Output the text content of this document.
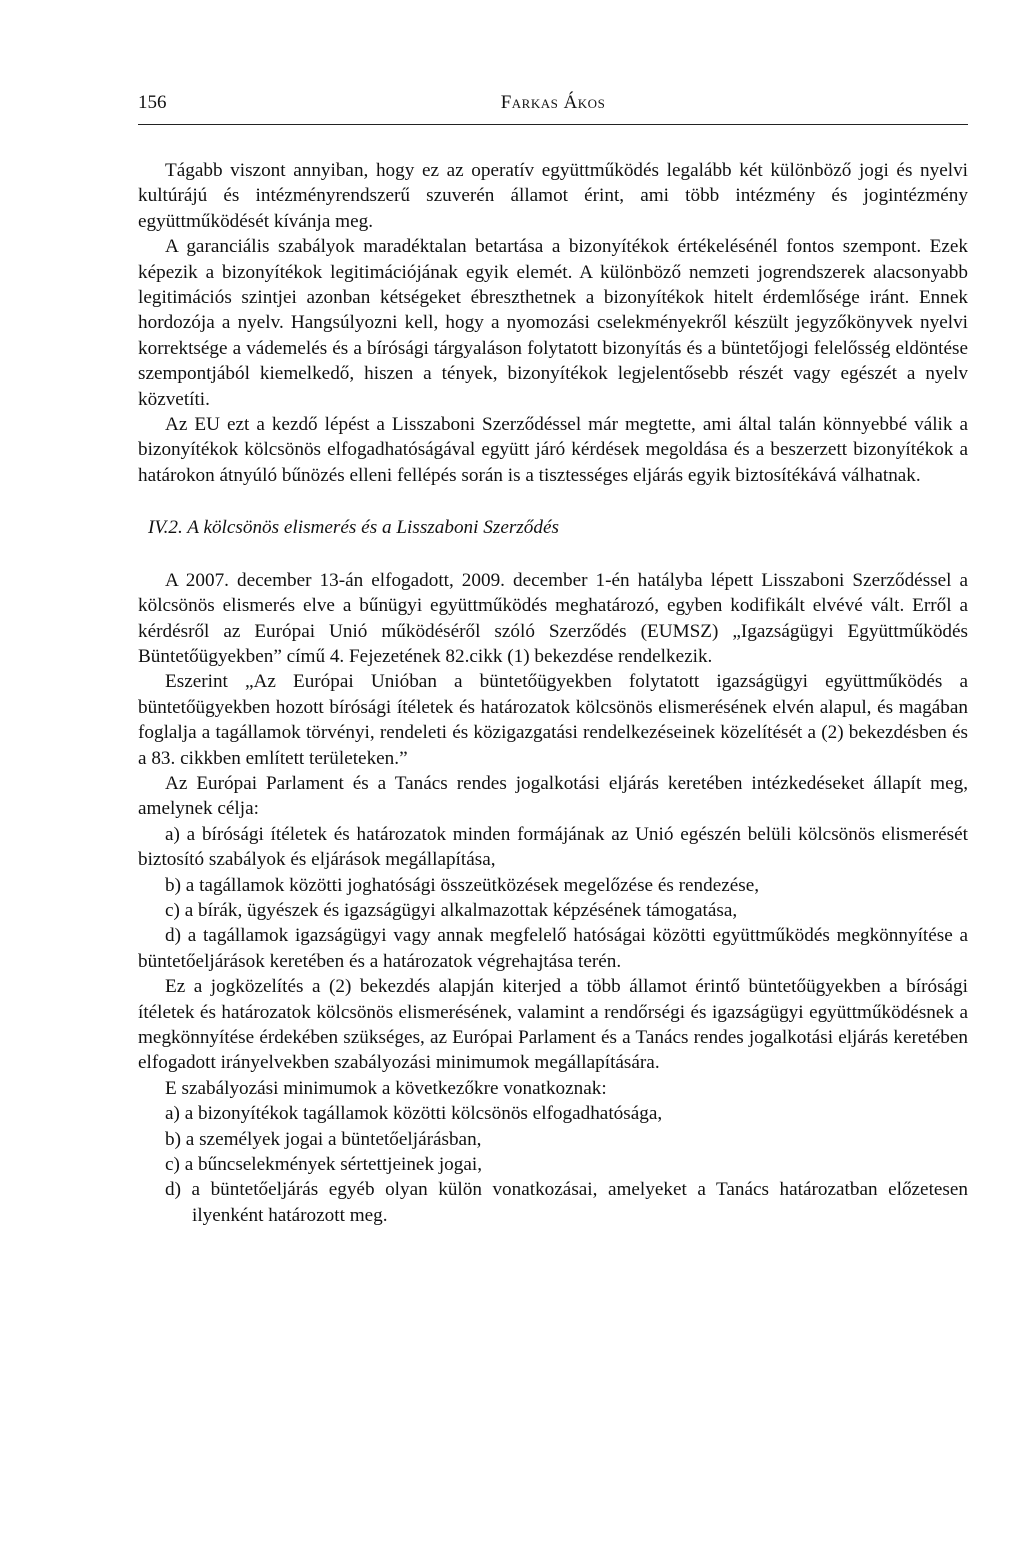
156	Farkas Ákos

Tágabb viszont annyiban, hogy ez az operatív együttműködés legalább két különböző jogi és nyelvi kultúrájú és intézményrendszerű szuverén államot érint, ami több intézmény és jogintézmény együttműködését kívánja meg.

A garanciális szabályok maradéktalan betartása a bizonyítékok értékelésénél fontos szempont. Ezek képezik a bizonyítékok legitimációjának egyik elemét. A különböző nemzeti jogrendszerek alacsonyabb legitimációs szintjei azonban kétségeket ébreszthetnek a bizonyítékok hitelt érdemlősége iránt. Ennek hordozója a nyelv. Hangsúlyozni kell, hogy a nyomozási cselekményekről készült jegyzőkönyvek nyelvi korrektsége a vádemelés és a bírósági tárgyaláson folytatott bizonyítás és a büntetőjogi felelősség eldöntése szempontjából kiemelkedő, hiszen a tények, bizonyítékok legjelentősebb részét vagy egészét a nyelv közvetíti.

Az EU ezt a kezdő lépést a Lisszaboni Szerződéssel már megtette, ami által talán könnyebbé válik a bizonyítékok kölcsönös elfogadhatóságával együtt járó kérdések megoldása és a beszerzett bizonyítékok a határokon átnyúló bűnözés elleni fellépés során is a tisztességes eljárás egyik biztosítékává válhatnak.

IV.2. A kölcsönös elismerés és a Lisszaboni Szerződés

A 2007. december 13-án elfogadott, 2009. december 1-én hatályba lépett Lisszaboni Szerződéssel a kölcsönös elismerés elve a bűnügyi együttműködés meghatározó, egyben kodifikált elvévé vált. Erről a kérdésről az Európai Unió működéséről szóló Szerződés (EUMSZ) „Igazságügyi Együttműködés Büntetőügyekben” című 4. Fejezetének 82.cikk (1) bekezdése rendelkezik.

Eszerint „Az Európai Unióban a büntetőügyekben folytatott igazságügyi együttműködés a büntetőügyekben hozott bírósági ítéletek és határozatok kölcsönös elismerésének elvén alapul, és magában foglalja a tagállamok törvényi, rendeleti és közigazgatási rendelkezéseinek közelítését a (2) bekezdésben és a 83. cikkben említett területeken.”

Az Európai Parlament és a Tanács rendes jogalkotási eljárás keretében intézkedéseket állapít meg, amelynek célja:

a) a bírósági ítéletek és határozatok minden formájának az Unió egészén belüli kölcsönös elismerését biztosító szabályok és eljárások megállapítása,
b) a tagállamok közötti joghatósági összeütközések megelőzése és rendezése,
c) a bírák, ügyészek és igazságügyi alkalmazottak képzésének támogatása,
d) a tagállamok igazságügyi vagy annak megfelelő hatóságai közötti együttműködés megkönnyítése a büntetőeljárások keretében és a határozatok végrehajtása terén.

Ez a jogközelítés a (2) bekezdés alapján kiterjed a több államot érintő büntetőügyekben a bírósági ítéletek és határozatok kölcsönös elismerésének, valamint a rendőrségi és igazságügyi együttműködésnek a megkönnyítése érdekében szükséges, az Európai Parlament és a Tanács rendes jogalkotási eljárás keretében elfogadott irányelvekben szabályozási minimumok megállapítására.

E szabályozási minimumok a következőkre vonatkoznak:

a) a bizonyítékok tagállamok közötti kölcsönös elfogadhatósága,
b) a személyek jogai a büntetőeljárásban,
c) a bűncselekmények sértettjeinek jogai,
d) a büntetőeljárás egyéb olyan külön vonatkozásai, amelyeket a Tanács határozatban előzetesen ilyenként határozott meg.
